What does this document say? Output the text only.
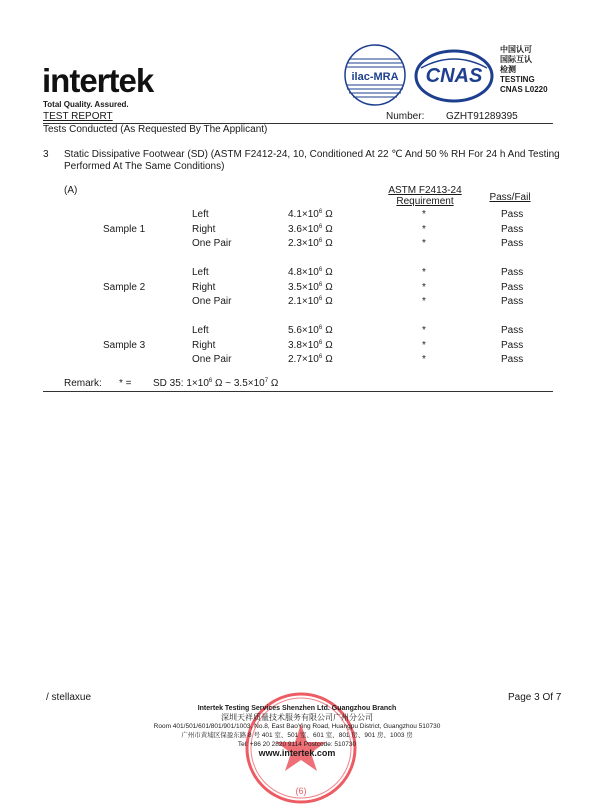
intertek
Total Quality. Assured.
ilac-MRA CNAS
中国认可
国际互认
检测
TESTING
CNAS L0220
TEST REPORT	Number: GZHT91289395
Tests Conducted (As Requested By The Applicant)
3 Static Dissipative Footwear (SD) (ASTM F2412-24, 10, Conditioned At 22 ℃ And 50 % RH For 24 h And Testing Performed At The Same Conditions)
(A)	ASTM F2413-24
Requirement	Pass/Fail
Sample 1
Left	$4.1\times 10^6$ Ω	*	Pass
Right	$3.6\times 10^6$ Ω	*	Pass
One Pair	$2.3\times 10^6$ Ω	*	Pass
Sample 2
Left	$4.8\times 10^6$ Ω	*	Pass
Right	$3.5\times 10^6$ Ω	*	Pass
One Pair	$2.1\times 10^6$ Ω	*	Pass
Sample 3
Left	$5.6\times 10^6$ Ω	*	Pass
Right	$3.8\times 10^6$ Ω	*	Pass
One Pair	$2.7\times 10^6$ Ω	*	Pass
Remark: * = SD 35: $1\times 10^6$ Ω ~ $3.5\times 10^7$ Ω
/ stellaxue	Page 3 Of 7
(6)
Intertek Testing Services Shenzhen Ltd. Guangzhou Branch
深圳天祥质量技术服务有限公司广州分公司
Room 401/501/601/801/901/1003, No.8, East BaoYing Road, Huangpu District, Guangzhou 510730
广州市黄埔区保盈东路 8 号 401 室、501 室、601 室、801 房、901 房、1003 房
Tel: +86 20 2820 9114 Postcode: 510730
www.intertek.com
